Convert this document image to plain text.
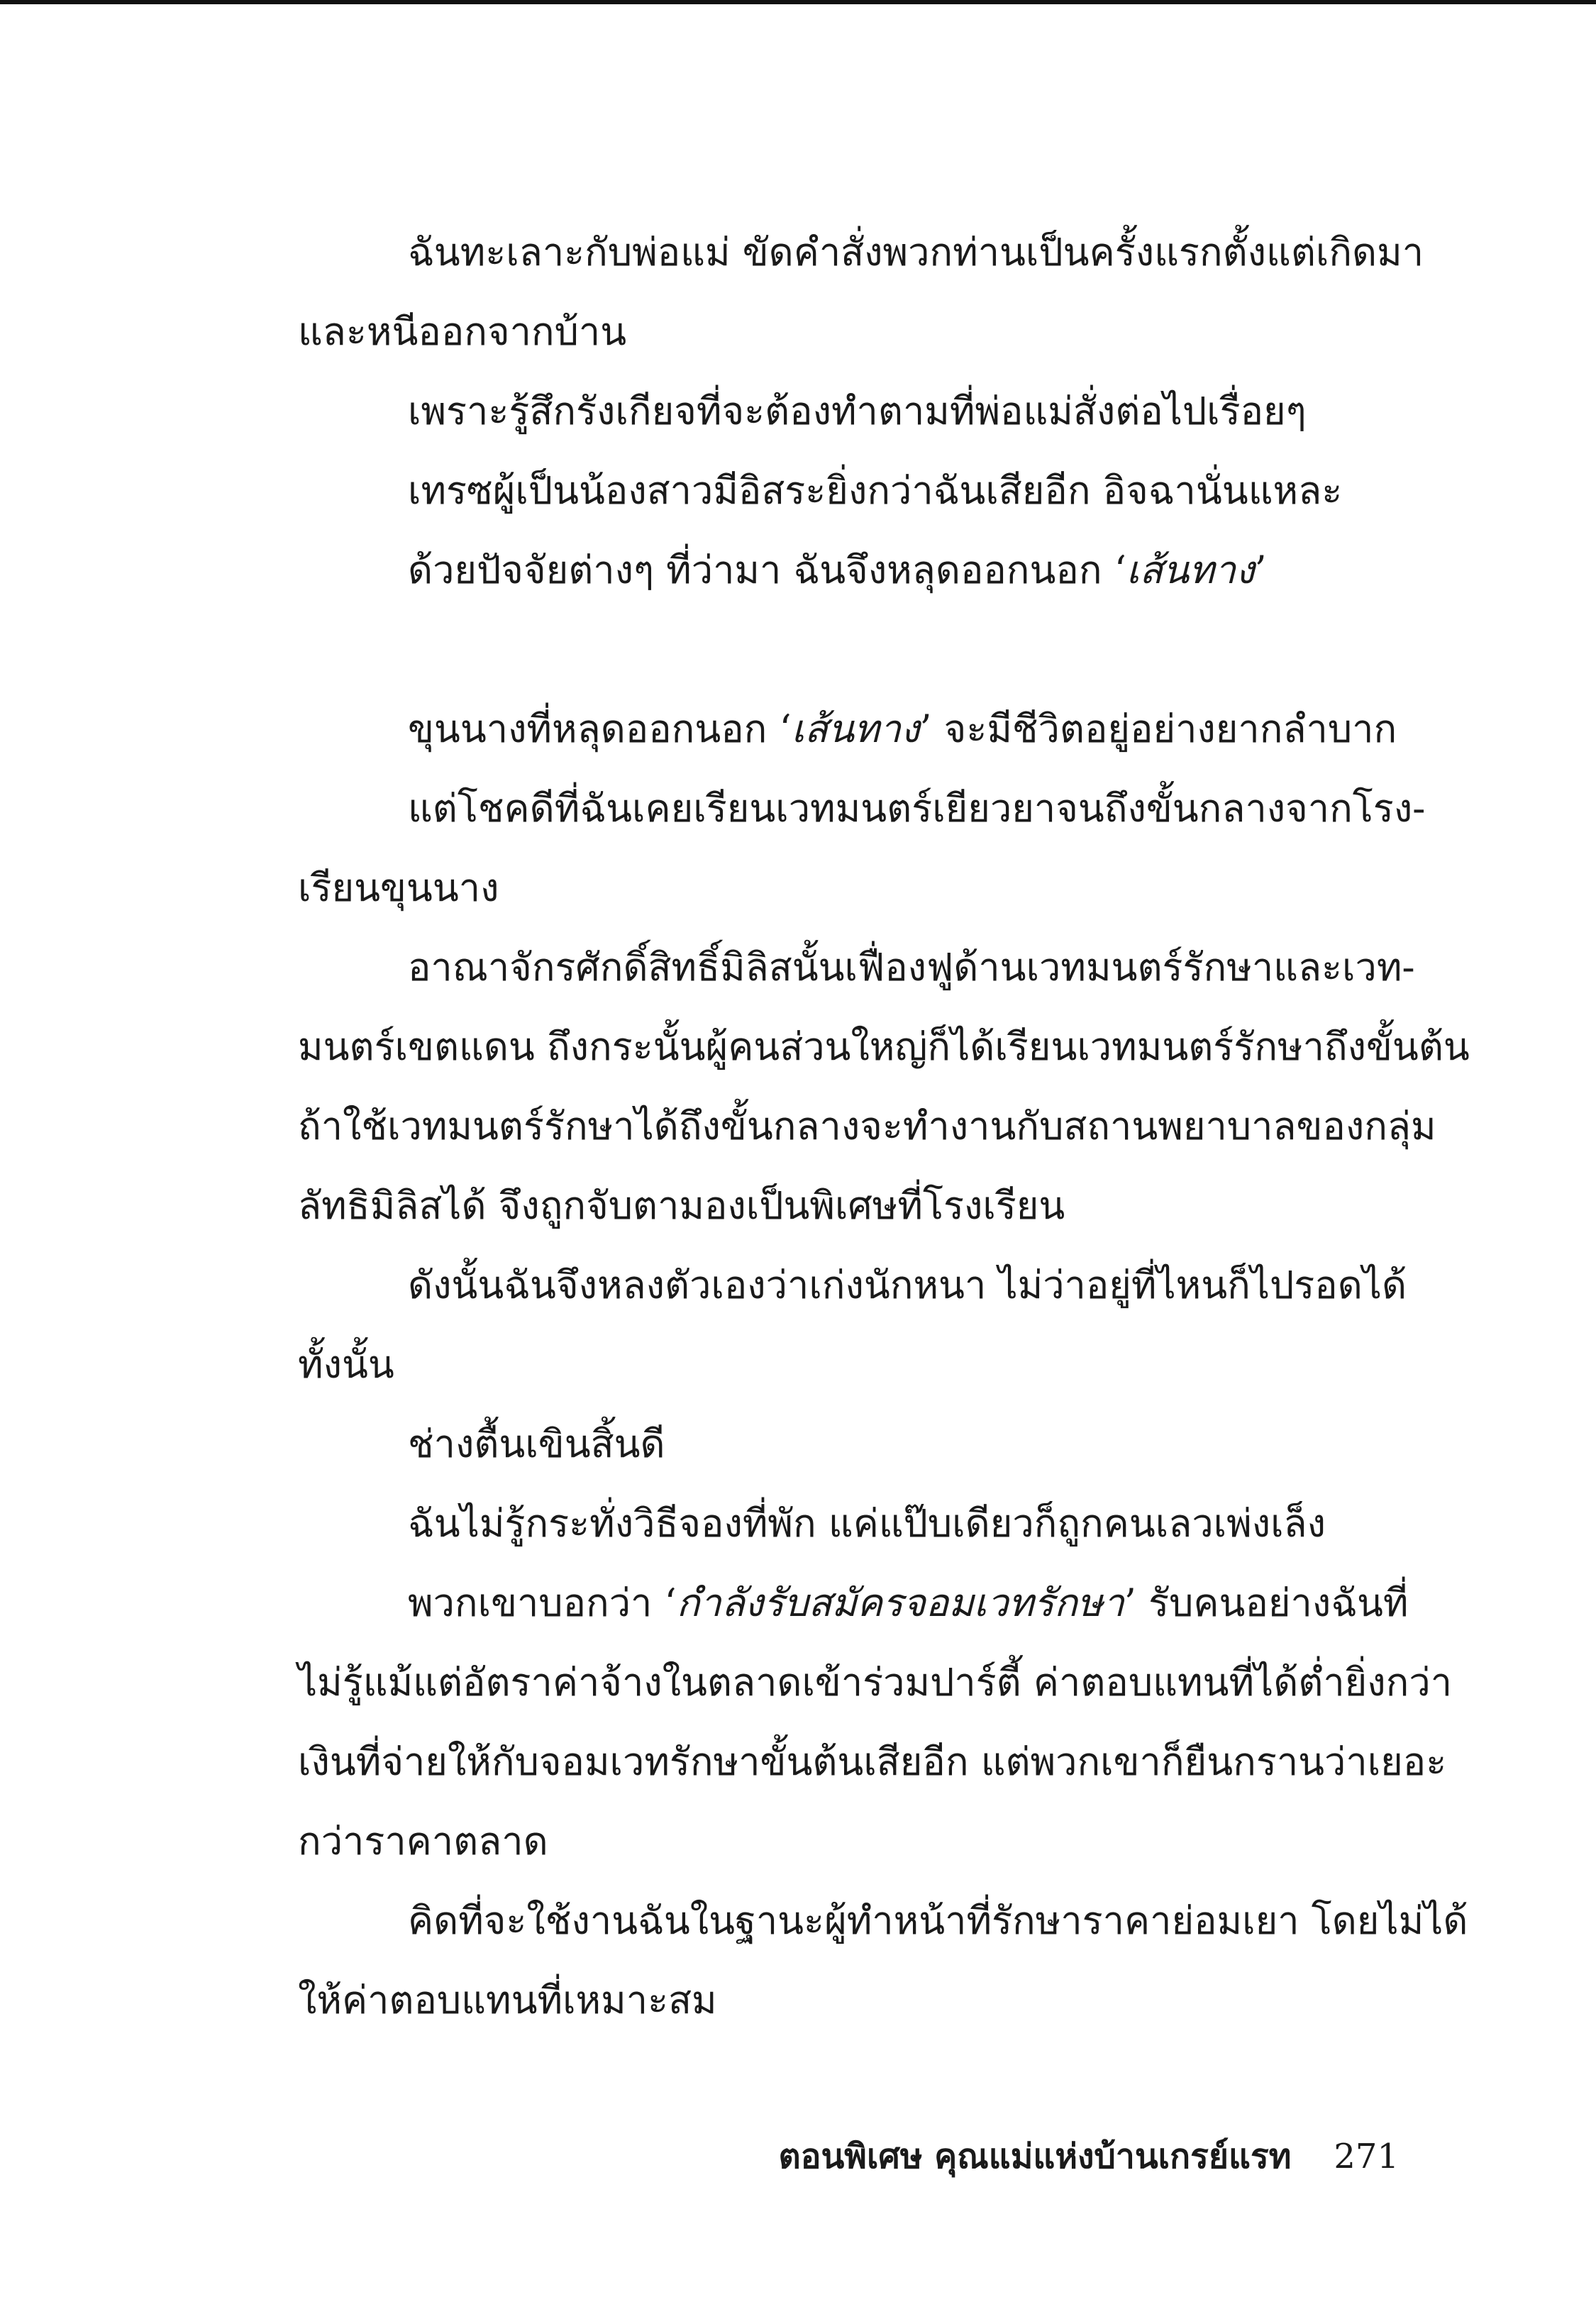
ฉันทะเลาะกับพ่อแม่ ขัดคำสั่งพวกท่านเป็นครั้งแรกตั้งแต่เกิดมา
และหนีออกจากบ้าน
เพราะรู้สึกรังเกียจที่จะต้องทำตามที่พ่อแม่สั่งต่อไปเรื่อยๆ
เทรซผู้เป็นน้องสาวมีอิสระยิ่งกว่าฉันเสียอีก อิจฉานั่นแหละ
ด้วยปัจจัยต่างๆ ที่ว่ามา ฉันจึงหลุดออกนอก ‘เส้นทาง’
ขุนนางที่หลุดออกนอก ‘เส้นทาง’ จะมีชีวิตอยู่อย่างยากลำบาก
แต่โชคดีที่ฉันเคยเรียนเวทมนตร์เยียวยาจนถึงขั้นกลางจากโรง-
เรียนขุนนาง
อาณาจักรศักดิ์สิทธิ์มิลิสนั้นเฟื่องฟูด้านเวทมนตร์รักษาและเวท-
มนตร์เขตแดน ถึงกระนั้นผู้คนส่วนใหญ่ก็ได้เรียนเวทมนตร์รักษาถึงขั้นต้น
ถ้าใช้เวทมนตร์รักษาได้ถึงขั้นกลางจะทำงานกับสถานพยาบาลของกลุ่ม
ลัทธิมิลิสได้ จึงถูกจับตามองเป็นพิเศษที่โรงเรียน
ดังนั้นฉันจึงหลงตัวเองว่าเก่งนักหนา ไม่ว่าอยู่ที่ไหนก็ไปรอดได้
ทั้งนั้น
ช่างตื้นเขินสิ้นดี
ฉันไม่รู้กระทั่งวิธีจองที่พัก แค่แป๊บเดียวก็ถูกคนเลวเพ่งเล็ง
พวกเขาบอกว่า ‘กำลังรับสมัครจอมเวทรักษา’ รับคนอย่างฉันที่
ไม่รู้แม้แต่อัตราค่าจ้างในตลาดเข้าร่วมปาร์ตี้ ค่าตอบแทนที่ได้ต่ำยิ่งกว่า
เงินที่จ่ายให้กับจอมเวทรักษาขั้นต้นเสียอีก แต่พวกเขาก็ยืนกรานว่าเยอะ
กว่าราคาตลาด
คิดที่จะใช้งานฉันในฐานะผู้ทำหน้าที่รักษาราคาย่อมเยา โดยไม่ได้
ให้ค่าตอบแทนที่เหมาะสม
ตอนพิเศษ คุณแม่แห่งบ้านเกรย์แรท 271
